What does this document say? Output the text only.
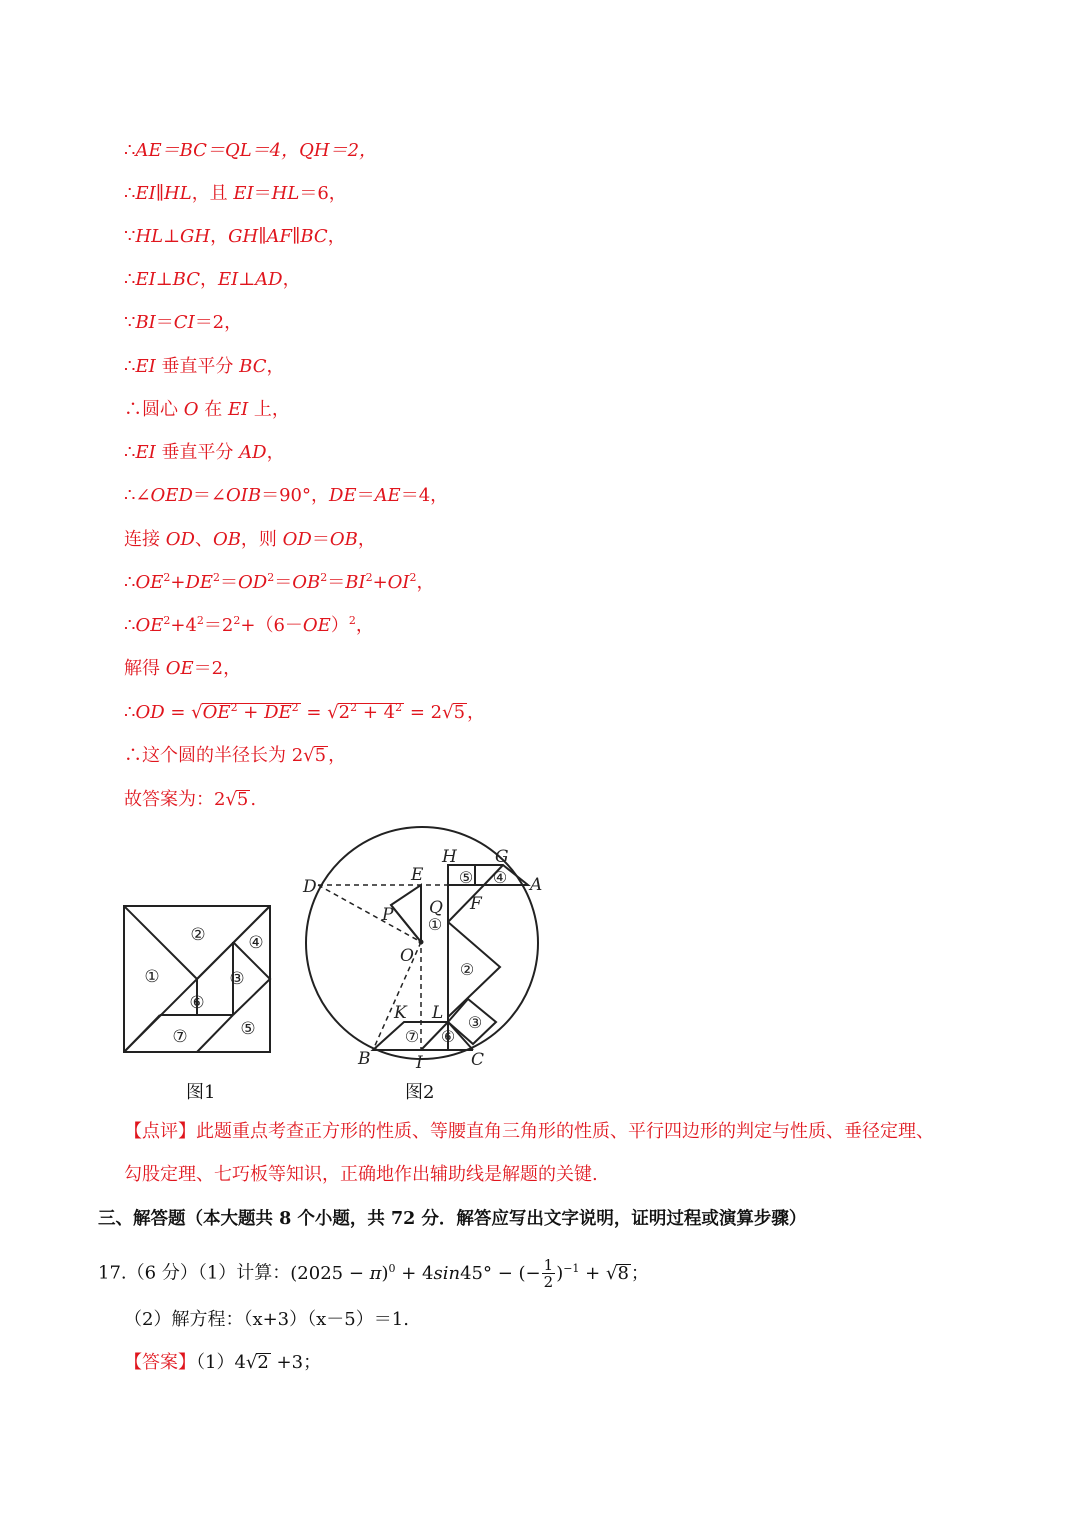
∴AE＝BC＝QL＝4，QH＝2，
∴EI∥HL，且 EI＝HL＝6，
∵HL⊥GH，GH∥AF∥BC，
∴EI⊥BC，EI⊥AD，
∵BI＝CI＝2，
∴EI 垂直平分 BC，
∴圆心 O 在 EI 上，
∴EI 垂直平分 AD，
∴∠OED＝∠OIB＝90°，DE＝AE＝4，
连接 OD、OB，则 OD＝OB，
$\therefore OE^2+DE^2=OD^2=OB^2=BI^2+OI^2$，
$\therefore OE^2+4^2=2^2+(6-OE)^2$，
解得 OE＝2，
∴OD = $√OE^2 + DE^2 = √2^2 + 4^2 = 2√5$ ，
∴这个圆的半径长为 2√5 ，
故答案为：2√5 .
①
②
③
④
⑤
⑥
⑦
图1
H G
D
E	A
P Q F
O
K L
B	I	C
①
②
③
④
⑤
⑥
⑦
图2
【点评】此题重点考查正方形的性质、等腰直角三角形的性质、平行四边形的判定与性质、垂径定理、
勾股定理、七巧板等知识，正确地作出辅助线是解题的关键.
三、解答题（本大题共 8 个小题，共 72 分．解答应写出文字说明，证明过程或演算步骤）
17.（6 分）（1）计算：$(2025 - \pi)^0 + 4\sin 45^\circ$ − (− $\frac{1}{2} )^{-1} + √8$ ；
（2）解方程：（x+3）（x－5）＝1.
【答案】（1）4√2 +3；
